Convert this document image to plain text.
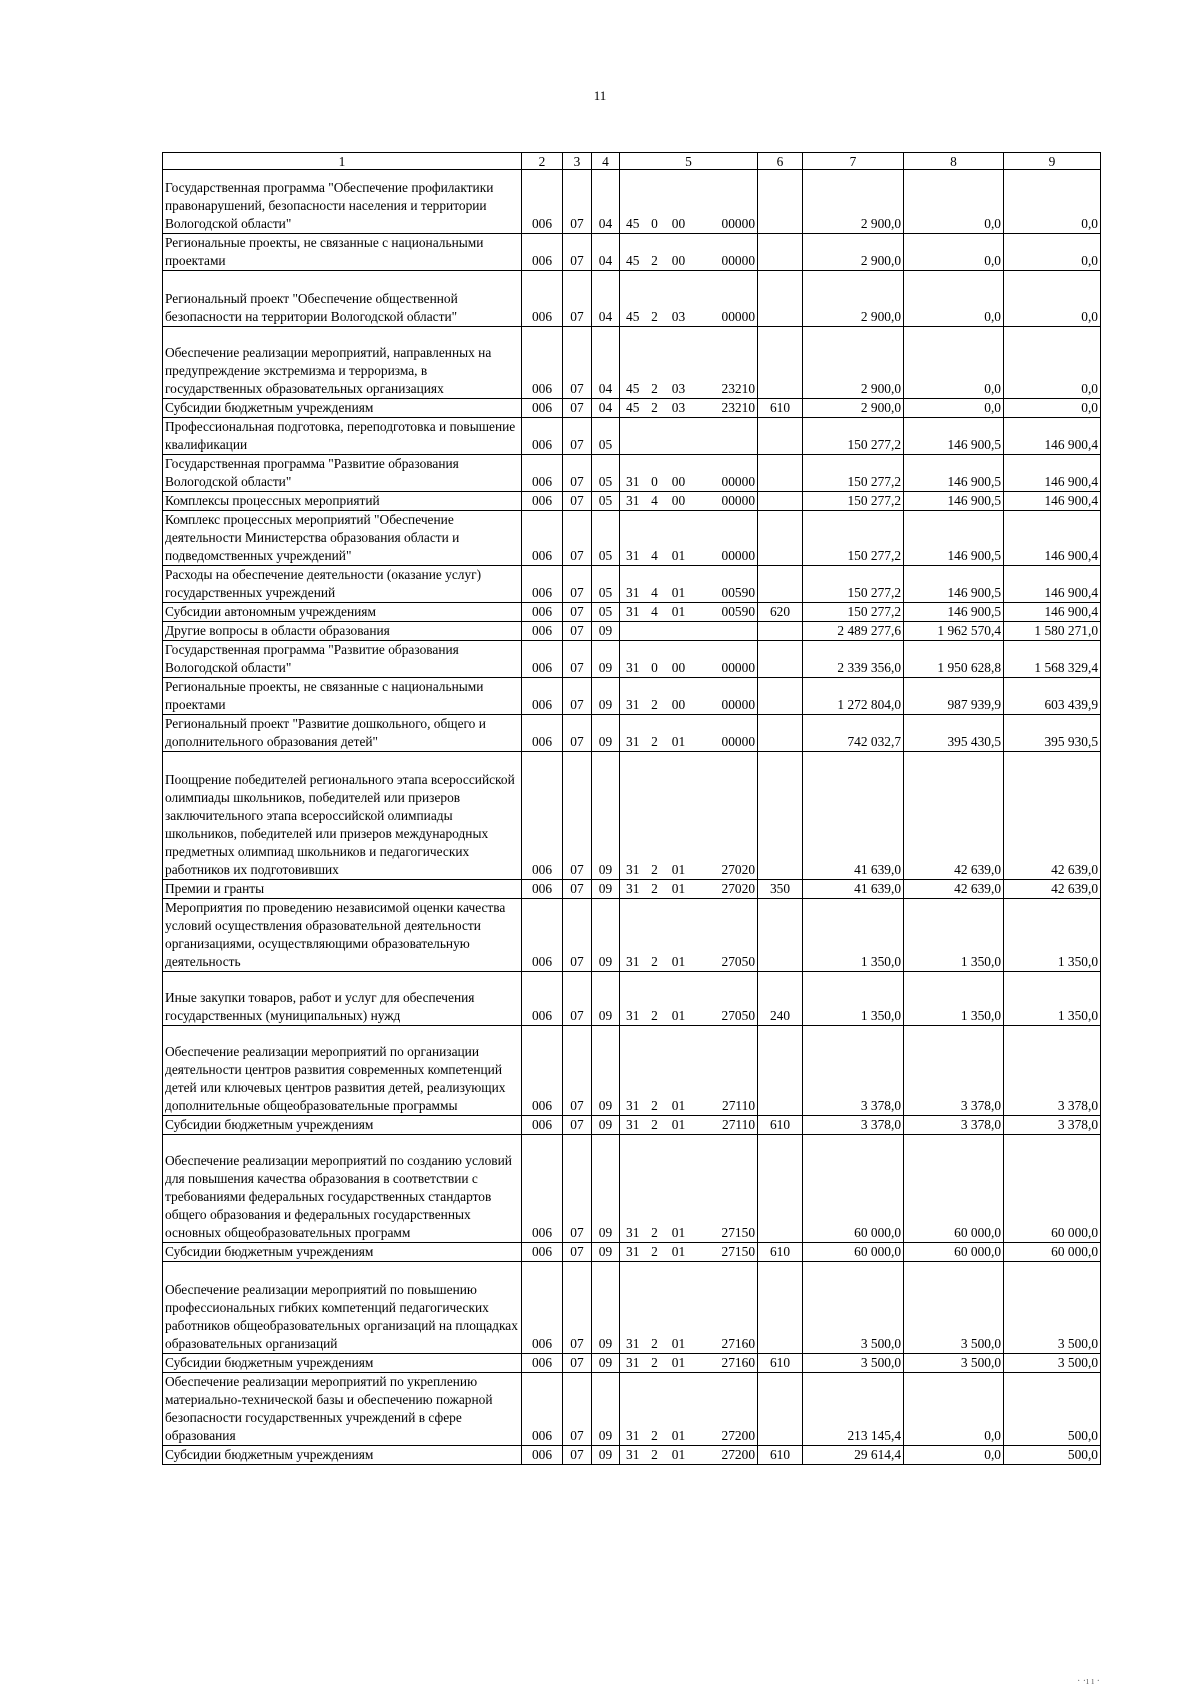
11
1	2	3	4	5				6	7	8	9
Государственная программа "Обеспечение профилактики правонарушений, безопасности населения и территории Вологодской области"	006	07	04	45	0	00	00000		2 900,0	0,0	0,0
Региональные проекты, не связанные с национальными проектами	006	07	04	45	2	00	00000		2 900,0	0,0	0,0
Региональный проект "Обеспечение общественной безопасности на территории Вологодской области"	006	07	04	45	2	03	00000		2 900,0	0,0	0,0
Обеспечение реализации мероприятий, направленных на предупреждение экстремизма и терроризма, в государственных образовательных организациях	006	07	04	45	2	03	23210		2 900,0	0,0	0,0
Субсидии бюджетным учреждениям	006	07	04	45	2	03	23210	610	2 900,0	0,0	0,0
Профессиональная подготовка, переподготовка и повышение квалификации	006	07	05						150 277,2	146 900,5	146 900,4
Государственная программа "Развитие образования Вологодской области"	006	07	05	31	0	00	00000		150 277,2	146 900,5	146 900,4
Комплексы процессных мероприятий	006	07	05	31	4	00	00000		150 277,2	146 900,5	146 900,4
Комплекс процессных мероприятий "Обеспечение деятельности Министерства образования области и подведомственных учреждений"	006	07	05	31	4	01	00000		150 277,2	146 900,5	146 900,4
Расходы на обеспечение деятельности (оказание услуг) государственных учреждений	006	07	05	31	4	01	00590		150 277,2	146 900,5	146 900,4
Субсидии автономным учреждениям	006	07	05	31	4	01	00590	620	150 277,2	146 900,5	146 900,4
Другие вопросы в области образования	006	07	09						2 489 277,6	1 962 570,4	1 580 271,0
Государственная программа "Развитие образования Вологодской области"	006	07	09	31	0	00	00000		2 339 356,0	1 950 628,8	1 568 329,4
Региональные проекты, не связанные с национальными проектами	006	07	09	31	2	00	00000		1 272 804,0	987 939,9	603 439,9
Региональный проект "Развитие дошкольного, общего и дополнительного образования детей"	006	07	09	31	2	01	00000		742 032,7	395 430,5	395 930,5
Поощрение победителей регионального этапа всероссийской олимпиады школьников, победителей или призеров заключительного этапа всероссийской олимпиады школьников, победителей или призеров международных предметных олимпиад школьников и педагогических работников их подготовивших	006	07	09	31	2	01	27020		41 639,0	42 639,0	42 639,0
Премии и гранты	006	07	09	31	2	01	27020	350	41 639,0	42 639,0	42 639,0
Мероприятия по проведению независимой оценки качества условий осуществления образовательной деятельности организациями, осуществляющими образовательную деятельность	006	07	09	31	2	01	27050		1 350,0	1 350,0	1 350,0
Иные закупки товаров, работ и услуг для обеспечения государственных (муниципальных) нужд	006	07	09	31	2	01	27050	240	1 350,0	1 350,0	1 350,0
Обеспечение реализации мероприятий по организации деятельности центров развития современных компетенций детей или ключевых центров развития детей, реализующих дополнительные общеобразовательные программы	006	07	09	31	2	01	27110		3 378,0	3 378,0	3 378,0
Субсидии бюджетным учреждениям	006	07	09	31	2	01	27110	610	3 378,0	3 378,0	3 378,0
Обеспечение реализации мероприятий по созданию условий для повышения качества образования в соответствии с требованиями федеральных государственных стандартов общего образования и федеральных государственных основных общеобразовательных программ	006	07	09	31	2	01	27150		60 000,0	60 000,0	60 000,0
Субсидии бюджетным учреждениям	006	07	09	31	2	01	27150	610	60 000,0	60 000,0	60 000,0
Обеспечение реализации мероприятий по повышению профессиональных гибких компетенций педагогических работников общеобразовательных организаций на площадках образовательных организаций	006	07	09	31	2	01	27160		3 500,0	3 500,0	3 500,0
Субсидии бюджетным учреждениям	006	07	09	31	2	01	27160	610	3 500,0	3 500,0	3 500,0
Обеспечение реализации мероприятий по укреплению материально-технической базы и обеспечению пожарной безопасности государственных учреждений в сфере образования	006	07	09	31	2	01	27200		213 145,4	0,0	500,0
Субсидии бюджетным учреждениям	006	07	09	31	2	01	27200	610	29 614,4	0,0	500,0
· ·ı ı ·
